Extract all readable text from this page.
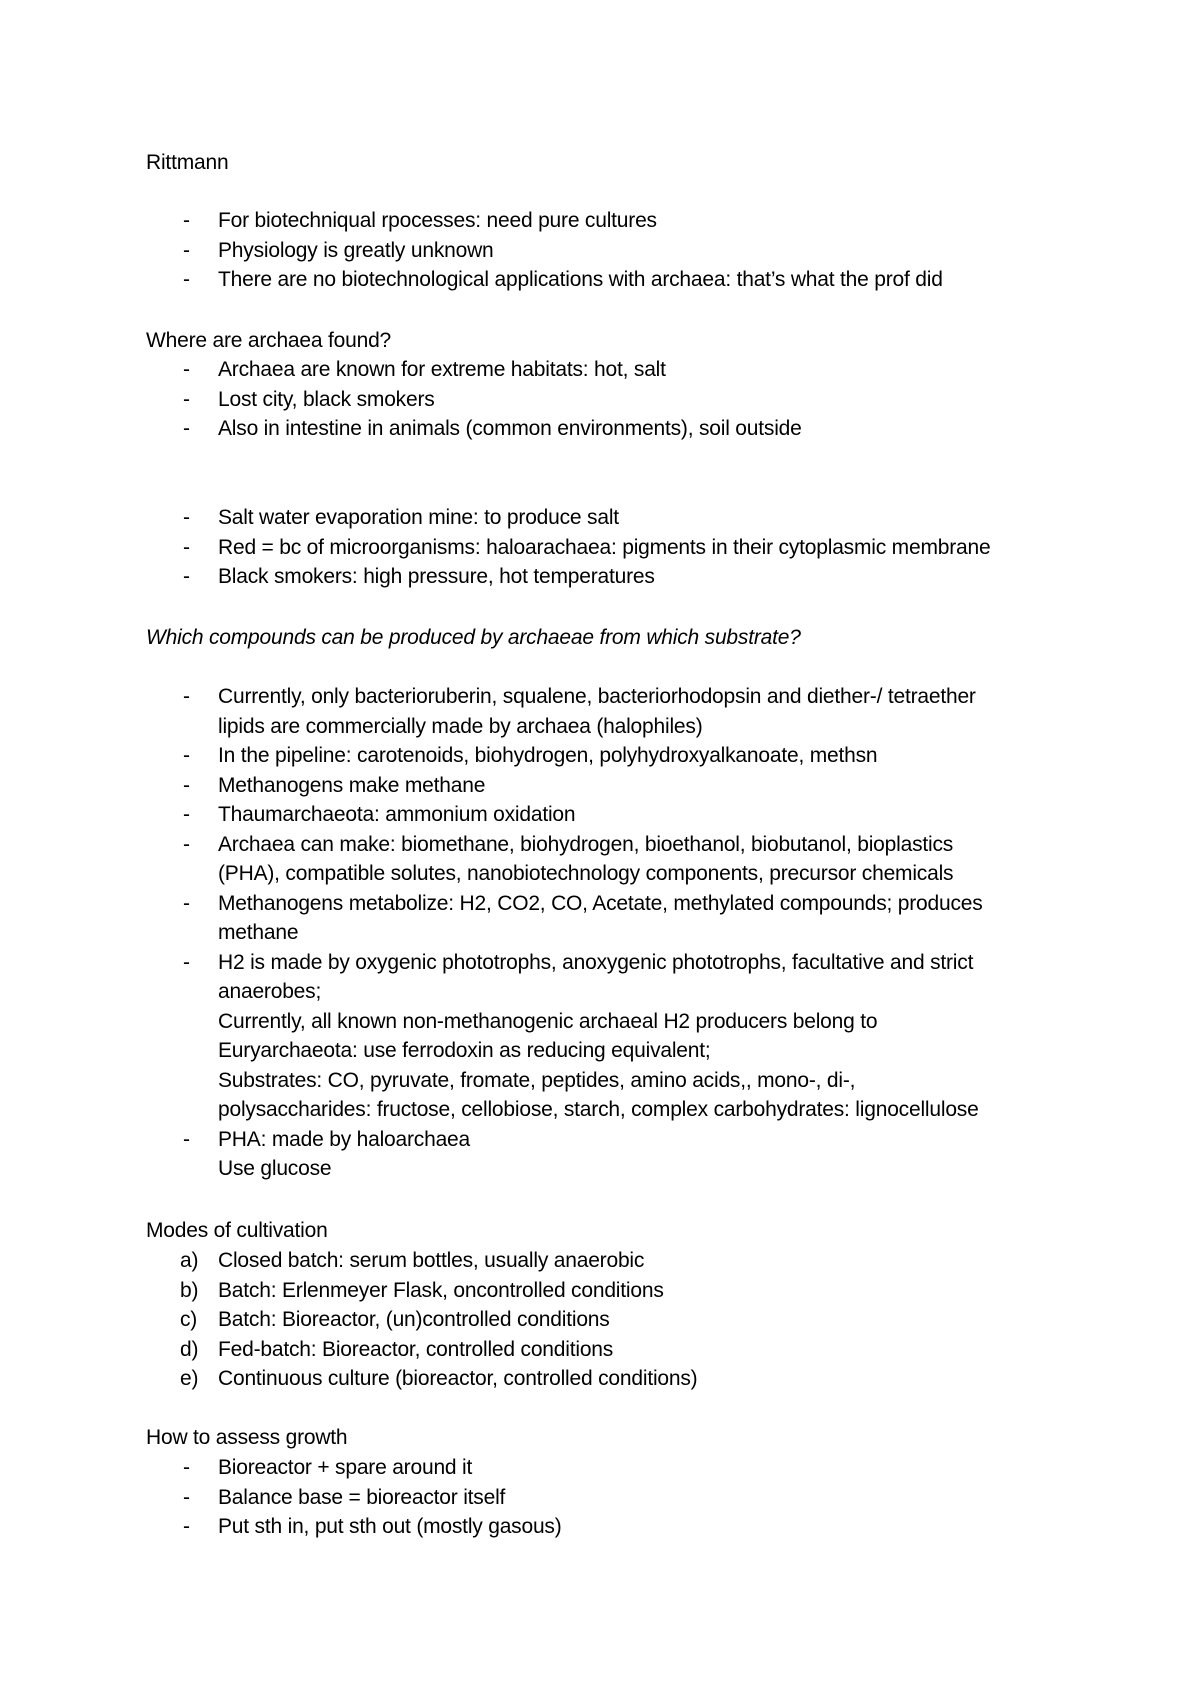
Rittmann
- For biotechniqual rpocesses: need pure cultures
- Physiology is greatly unknown
- There are no biotechnological applications with archaea: that’s what the prof did
Where are archaea found?
- Archaea are known for extreme habitats: hot, salt
- Lost city, black smokers
- Also in intestine in animals (common environments), soil outside
- Salt water evaporation mine: to produce salt
- Red = bc of microorganisms: haloarachaea: pigments in their cytoplasmic membrane
- Black smokers: high pressure, hot temperatures
Which compounds can be produced by archaeae from which substrate?
- Currently, only bacterioruberin, squalene, bacteriorhodopsin and diether-/ tetraether
lipids are commercially made by archaea (halophiles)
- In the pipeline: carotenoids, biohydrogen, polyhydroxyalkanoate, methsn
- Methanogens make methane
- Thaumarchaeota: ammonium oxidation
- Archaea can make: biomethane, biohydrogen, bioethanol, biobutanol, bioplastics
(PHA), compatible solutes, nanobiotechnology components, precursor chemicals
- Methanogens metabolize: H2, CO2, CO, Acetate, methylated compounds; produces
methane
- H2 is made by oxygenic phototrophs, anoxygenic phototrophs, facultative and strict
anaerobes;
Currently, all known non-methanogenic archaeal H2 producers belong to
Euryarchaeota: use ferrodoxin as reducing equivalent;
Substrates: CO, pyruvate, fromate, peptides, amino acids,, mono-, di-,
polysaccharides: fructose, cellobiose, starch, complex carbohydrates: lignocellulose
- PHA: made by haloarchaea
Use glucose
Modes of cultivation
a) Closed batch: serum bottles, usually anaerobic
b) Batch: Erlenmeyer Flask, oncontrolled conditions
c) Batch: Bioreactor, (un)controlled conditions
d) Fed-batch: Bioreactor, controlled conditions
e) Continuous culture (bioreactor, controlled conditions)
How to assess growth
- Bioreactor + spare around it
- Balance base = bioreactor itself
- Put sth in, put sth out (mostly gasous)
